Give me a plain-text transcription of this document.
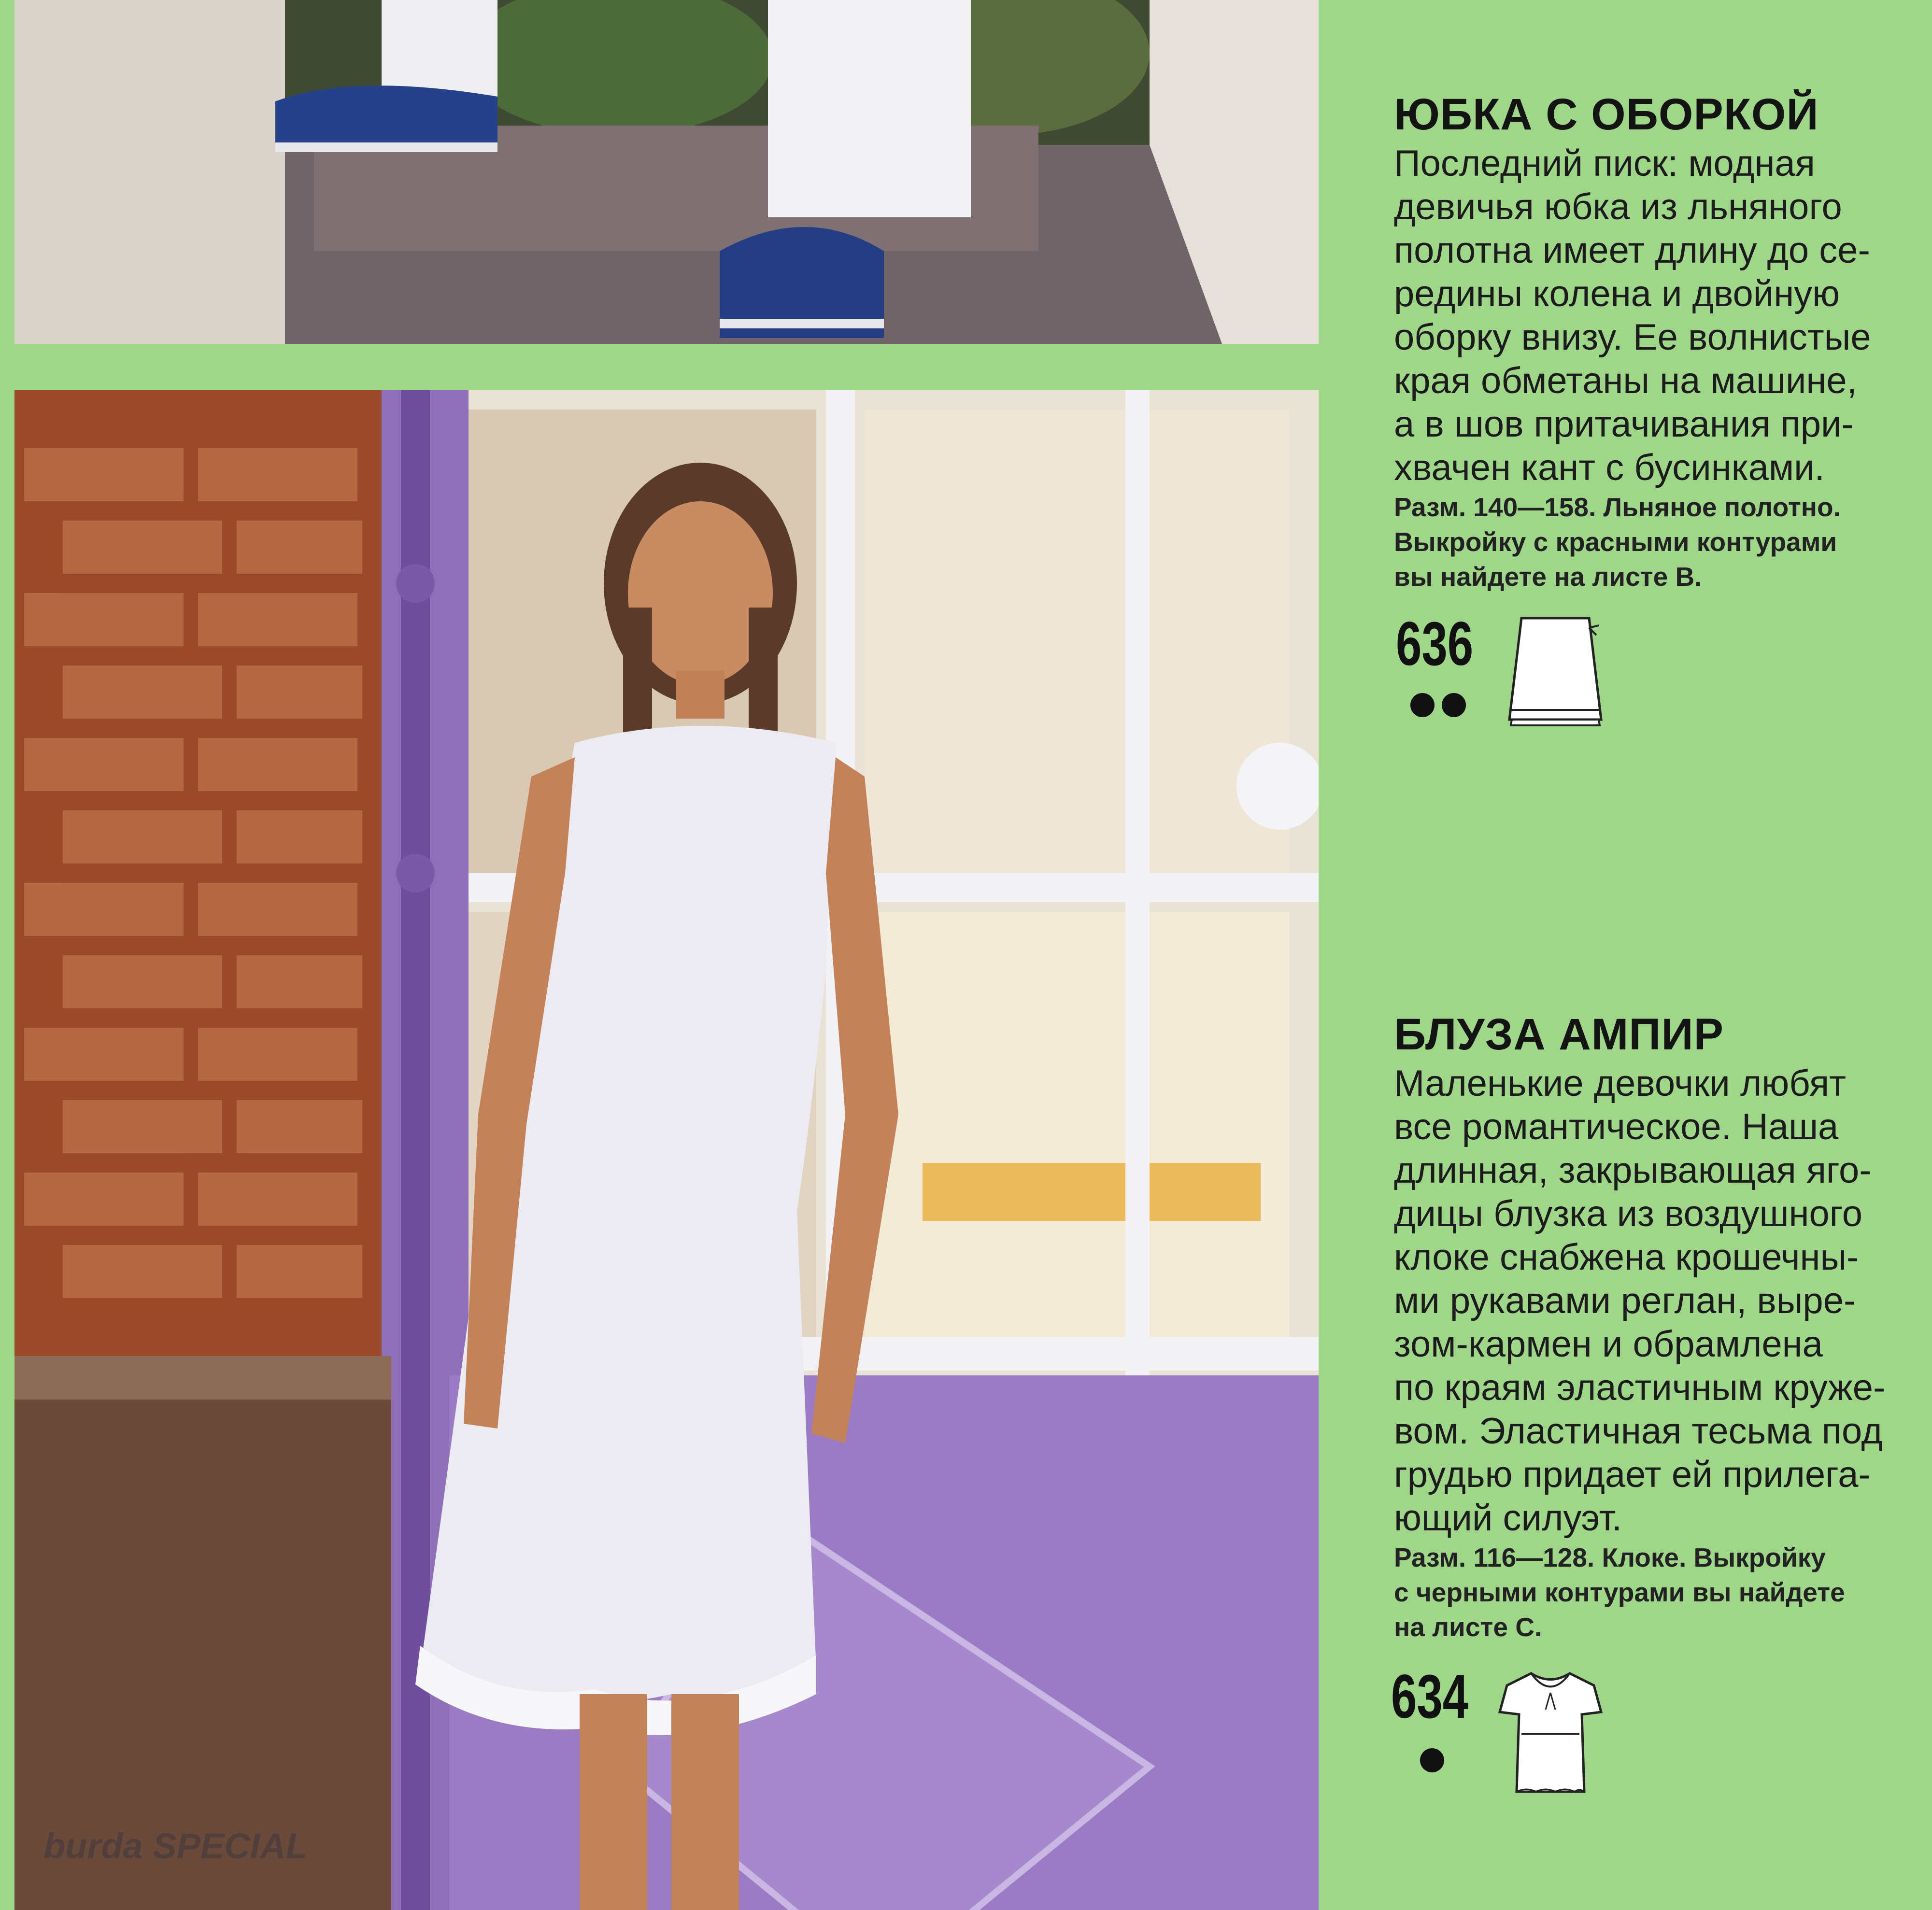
burda SPECIAL
ЮБКА С ОБОРКОЙ

Последний писк: модная

девичья юбка из льняного

полотна имеет длину до се-

редины колена и двойную

оборку внизу. Ее волнистые

края обметаны на машине,

а в шов притачивания при-

хвачен кант с бусинками.

Разм. 140—158. Льняное полотно.

Выкройку с красными контурами

вы найдете на листе В.

636
БЛУЗА АМПИР

Маленькие девочки любят

все романтическое. Наша

длинная, закрывающая яго-

дицы блузка из воздушного

клоке снабжена крошечны-

ми рукавами реглан, выре-

зом-кармен и обрамлена

по краям эластичным круже-

вом. Эластичная тесьма под

грудью придает ей прилега-

ющий силуэт.

Разм. 116—128. Клоке. Выкройку

с черными контурами вы найдете

на листе С.

634
